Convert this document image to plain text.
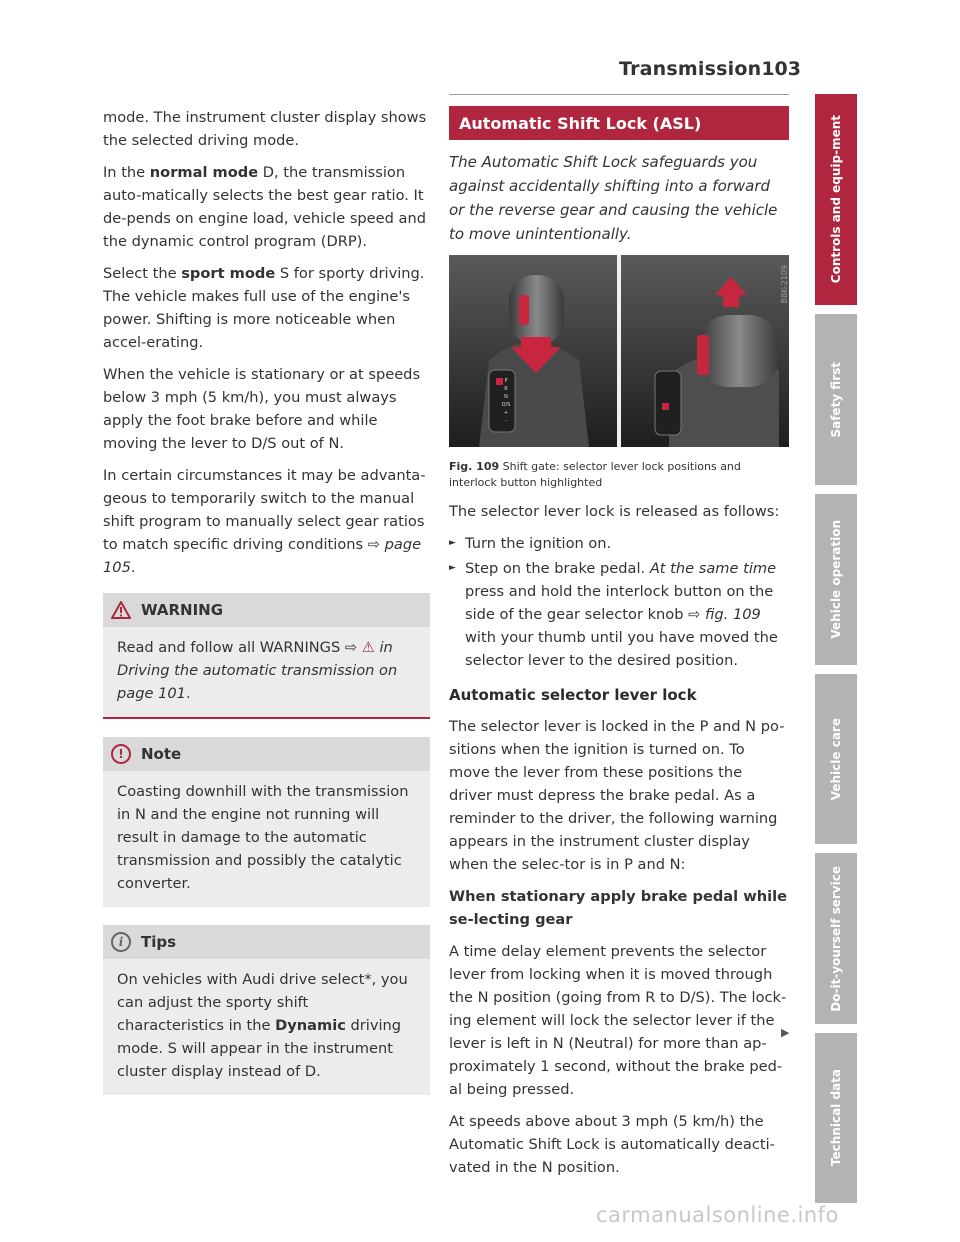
Transmission 103

mode. The instrument cluster display shows the selected driving mode.

In the normal mode D, the transmission auto-matically selects the best gear ratio. It de-pends on engine load, vehicle speed and the dynamic control program (DRP).

Select the sport mode S for sporty driving. The vehicle makes full use of the engine's power. Shifting is more noticeable when accel-erating.

When the vehicle is stationary or at speeds below 3 mph (5 km/h), you must always apply the foot brake before and while moving the lever to D/S out of N.

In certain circumstances it may be advanta-geous to temporarily switch to the manual shift program to manually select gear ratios to match specific driving conditions ⇨ page 105.

WARNING
Read and follow all WARNINGS ⇨ ⚠ in Driving the automatic transmission on page 101.
!	Note
Coasting downhill with the transmission in N and the engine not running will result in damage to the automatic transmission and possibly the catalytic converter.
i	Tips
On vehicles with Audi drive select*, you can adjust the sporty shift characteristics in the Dynamic driving mode. S will appear in the instrument cluster display instead of D.
Automatic Shift Lock (ASL)

The Automatic Shift Lock safeguards you against accidentally shifting into a forward or the reverse gear and causing the vehicle to move unintentionally.

P
R
N
D/S
+
-
B8K-2109

Fig. 109 Shift gate: selector lever lock positions and interlock button highlighted

The selector lever lock is released as follows:

► Turn the ignition on.
► Step on the brake pedal. At the same time press and hold the interlock button on the side of the gear selector knob ⇨ fig. 109 with your thumb until you have moved the selector lever to the desired position.
Automatic selector lever lock

The selector lever is locked in the P and N po-sitions when the ignition is turned on. To move the lever from these positions the driver must depress the brake pedal. As a reminder to the driver, the following warning appears in the instrument cluster display when the selec-tor is in P and N:

When stationary apply brake pedal while se-lecting gear

A time delay element prevents the selector lever from locking when it is moved through the N position (going from R to D/S). The lock-ing element will lock the selector lever if the lever is left in N (Neutral) for more than ap-proximately 1 second, without the brake ped-al being pressed.

At speeds above about 3 mph (5 km/h) the Automatic Shift Lock is automatically deacti-vated in the N position.

▶
Controls and equip-ment
Safety first
Vehicle operation
Vehicle care
Do-it-yourself service
Technical data
carmanualsonline.info
